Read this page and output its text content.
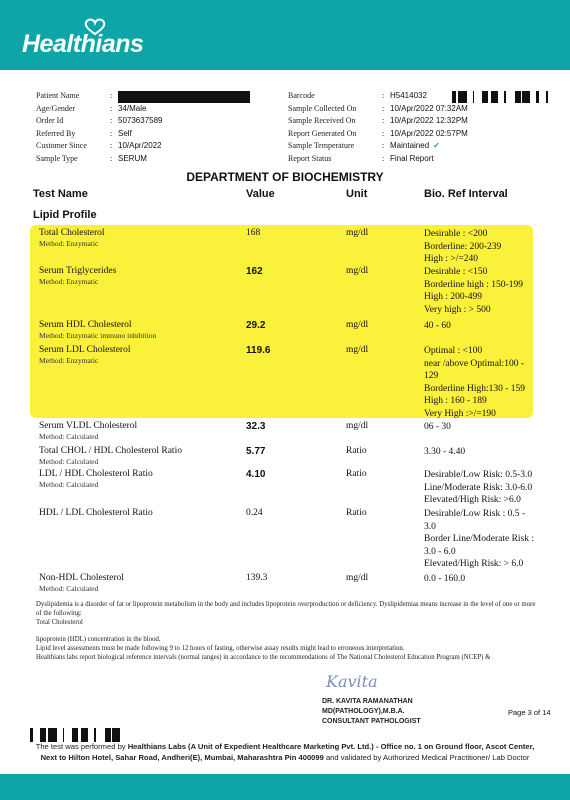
Healthians
Patient Name	:
Age/Gender	: 34/Male
Order Id	: 5073637589
Referred By	: Self
Customer Since	: 10/Apr/2022
Sample Type	: SERUM
Barcode	: H5414032
Sample Collected On	: 10/Apr/2022 07:32AM
Sample Received On	: 10/Apr/2022 12:32PM
Report Generated On	: 10/Apr/2022 02:57PM
Sample Temperature	: Maintained ✓
Report Status	: Final Report
DEPARTMENT OF BIOCHEMISTRY
Test Name	Value	Unit	Bio. Ref Interval
Lipid Profile
Total Cholesterol
Method: Enzymatic
168	mg/dl	Desirable : <200
Borderline: 200-239
High : >/=240
Serum Triglycerides
Method: Enzymatic
162	mg/dl	Desirable : <150
Borderline high : 150-199
High : 200-499
Very high : > 500
Serum HDL Cholesterol
Method: Enzymatic immuno inhibition
29.2	mg/dl	40 - 60
Serum LDL Cholesterol
Method: Enzymatic
119.6	mg/dl	Optimal : <100
near /above Optimal:100 -
129
Borderline High:130 - 159
High : 160 - 189
Very High :>/=190
Serum VLDL Cholesterol
Method: Calculated
32.3	mg/dl	06 - 30
Total CHOL / HDL Cholesterol Ratio
Method: Calculated
5.77	Ratio	3.30 - 4.40
LDL / HDL Cholesterol Ratio
Method: Calculated
4.10	Ratio	Desirable/Low Risk: 0.5-3.0
Line/Moderate Risk: 3.0-6.0
Elevated/High Risk: >6.0
HDL / LDL Cholesterol Ratio	0.24	Ratio	Desirable/Low Risk : 0.5 -
3.0
Border Line/Moderate Risk :
3.0 - 6.0
Elevated/High Risk: > 6.0
Non-HDL Cholesterol
Method: Calculated
139.3	mg/dl	0.0 - 160.0
Dyslipidemia is a disorder of fat or lipoprotein metabolism in the body and includes lipoprotein overproduction or deficiency. Dyslipidemias means increase in the level of one or more of the following:
Total Cholesterol
lipoprotein (HDL) concentration in the blood.
Lipid level assessments must be made following 9 to 12 hours of fasting, otherwise assay results might lead to erroneous interpretation.
Healthians labs report biological reference intervals (normal ranges) in accordance to the recommendations of The National Cholesterol Education Program (NCEP) &
Kavita
DR. KAVITA RAMANATHAN
MD(PATHOLOGY),M.B.A.
CONSULTANT PATHOLOGIST
Page 3 of 14
The test was performed by Healthians Labs (A Unit of Expedient Healthcare Marketing Pvt. Ltd.) - Office no. 1 on Ground floor, Ascot Center,
Next to Hilton Hotel, Sahar Road, Andheri(E), Mumbai, Maharashtra Pin 400099 and validated by Authorized Medical Practitioner/ Lab Doctor
